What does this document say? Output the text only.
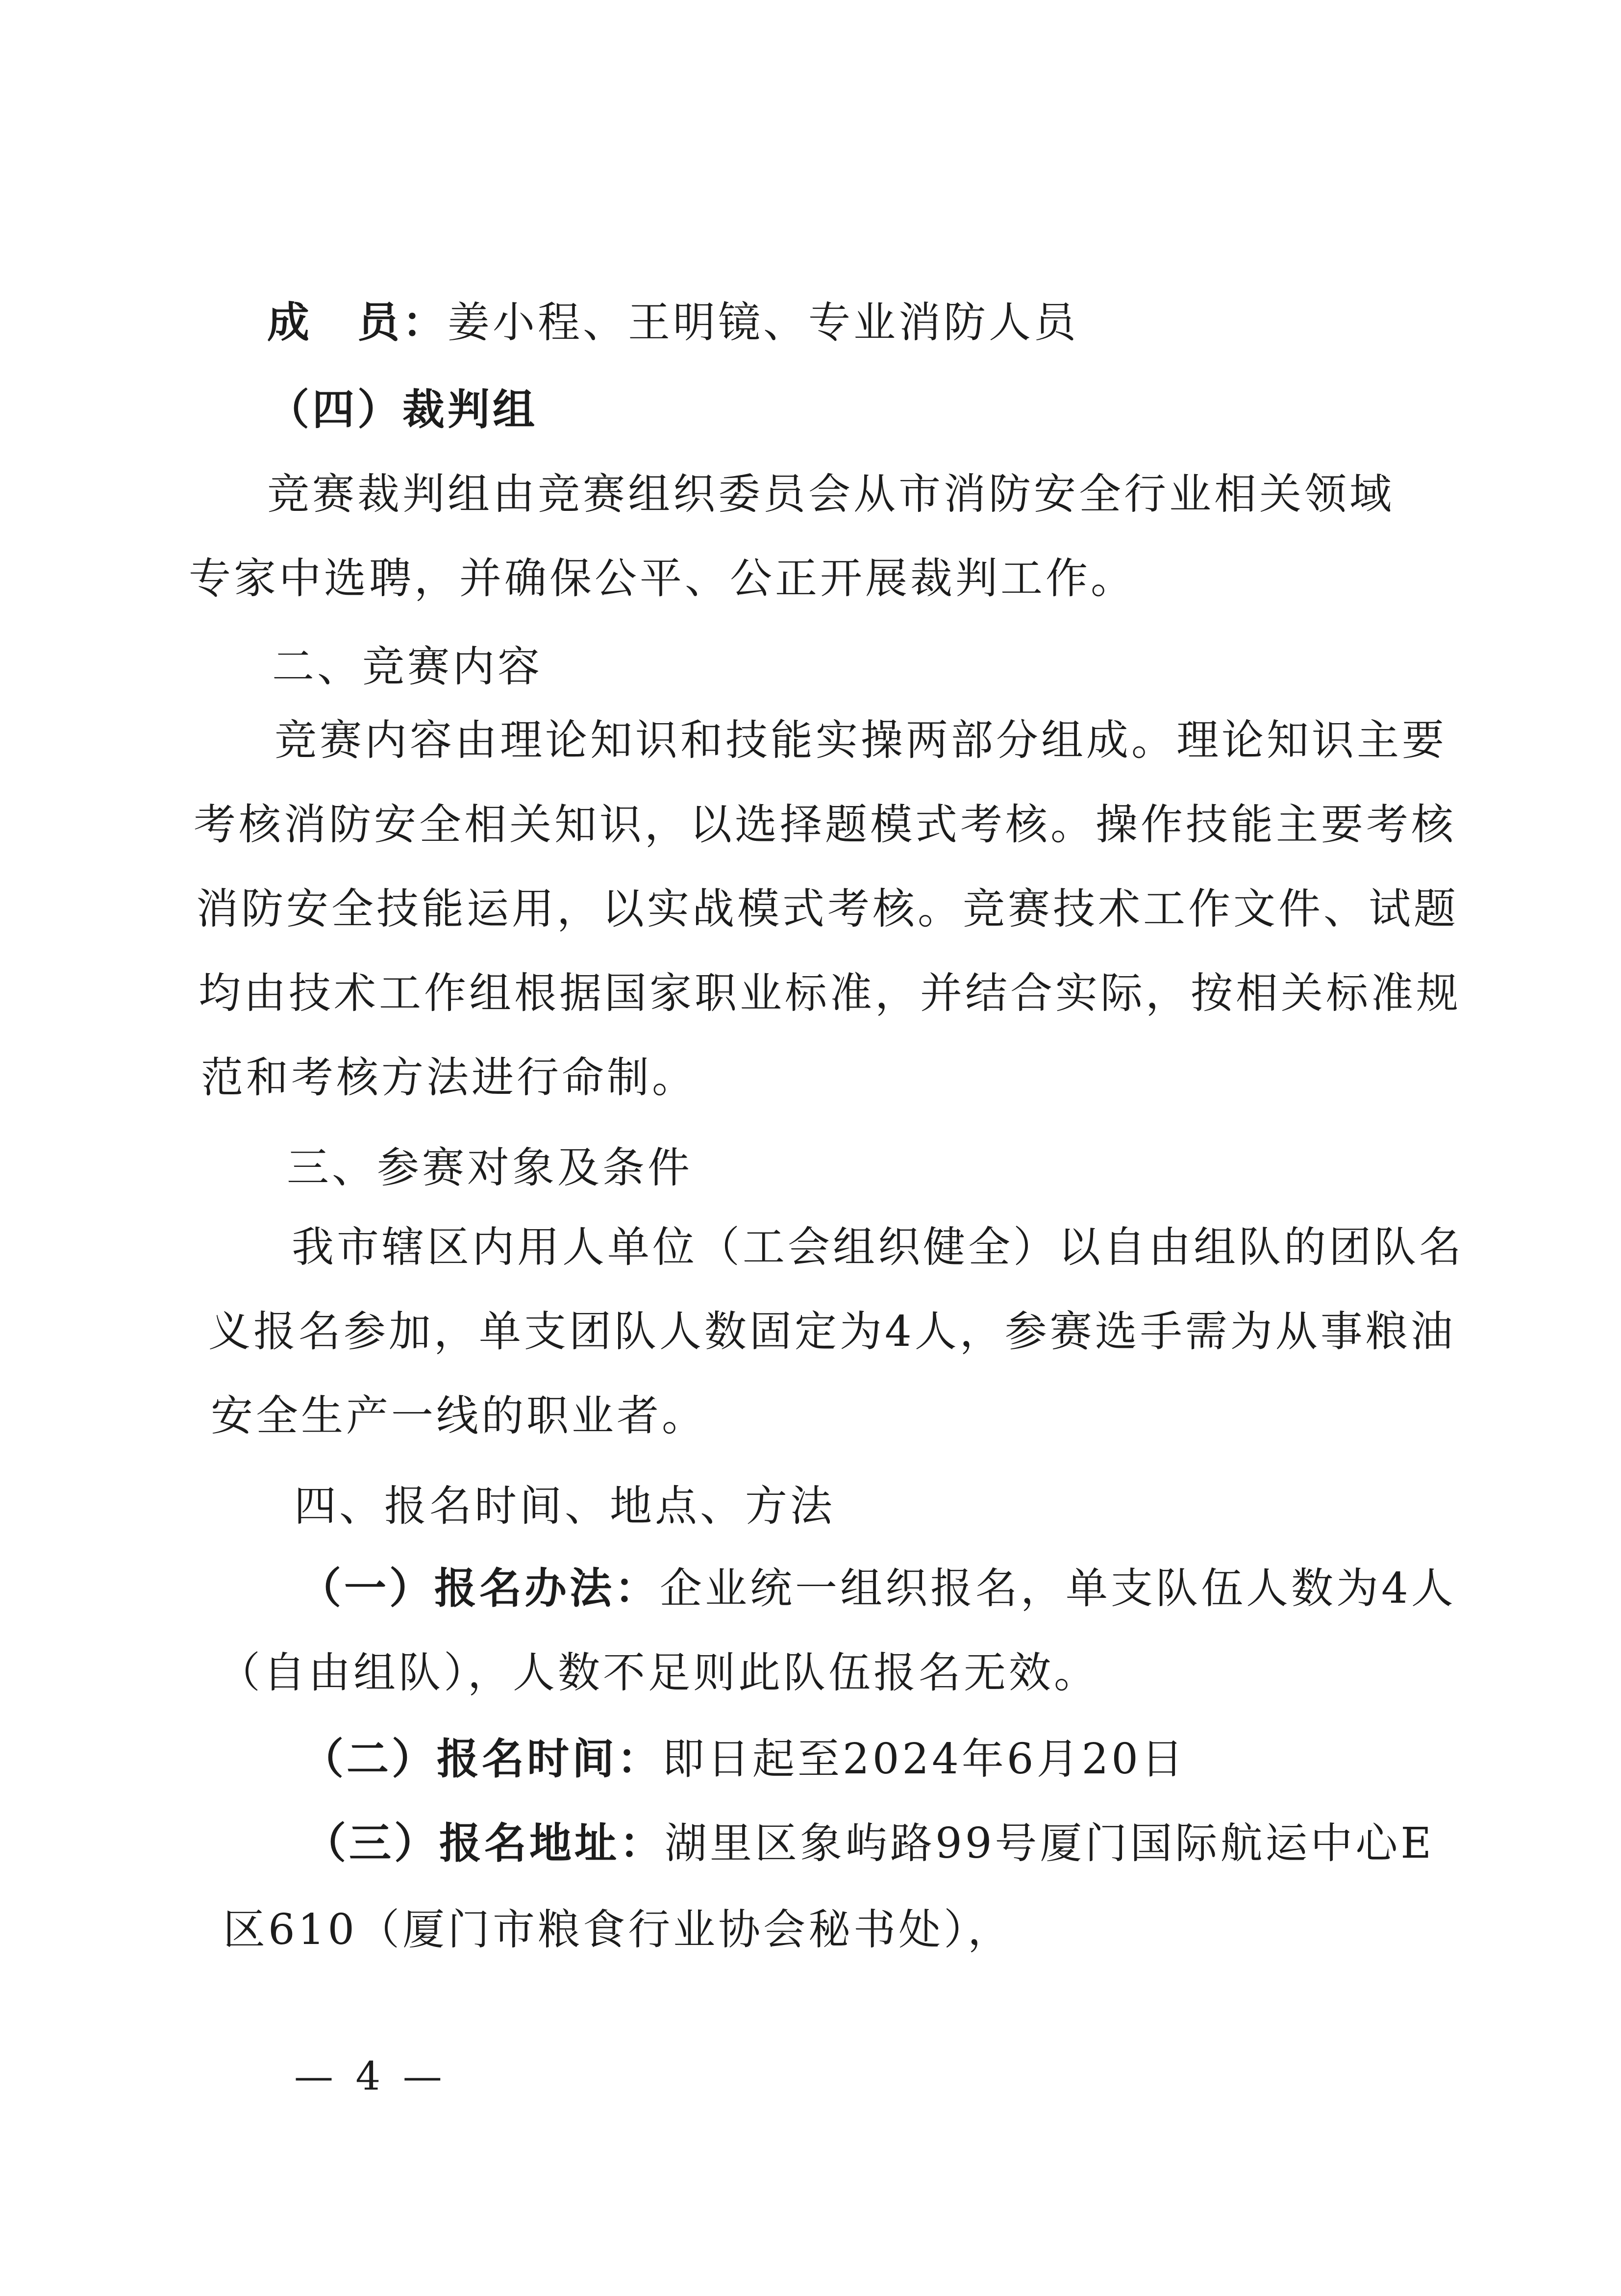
成　员：姜小程、王明镜、专业消防人员
（四）裁判组
竞赛裁判组由竞赛组织委员会从市消防安全行业相关领域
专家中选聘，并确保公平、公正开展裁判工作。
二、竞赛内容
竞赛内容由理论知识和技能实操两部分组成。理论知识主要
考核消防安全相关知识，以选择题模式考核。操作技能主要考核
消防安全技能运用，以实战模式考核。竞赛技术工作文件、试题
均由技术工作组根据国家职业标准，并结合实际，按相关标准规
范和考核方法进行命制。
三、参赛对象及条件
我市辖区内用人单位（工会组织健全）以自由组队的团队名
义报名参加，单支团队人数固定为4人，参赛选手需为从事粮油
安全生产一线的职业者。
四、报名时间、地点、方法
（一）报名办法：企业统一组织报名，单支队伍人数为4人
（自由组队），人数不足则此队伍报名无效。
（二）报名时间：即日起至2024年6月20日
（三）报名地址：湖里区象屿路99号厦门国际航运中心E
区610（厦门市粮食行业协会秘书处），
— 4 —
